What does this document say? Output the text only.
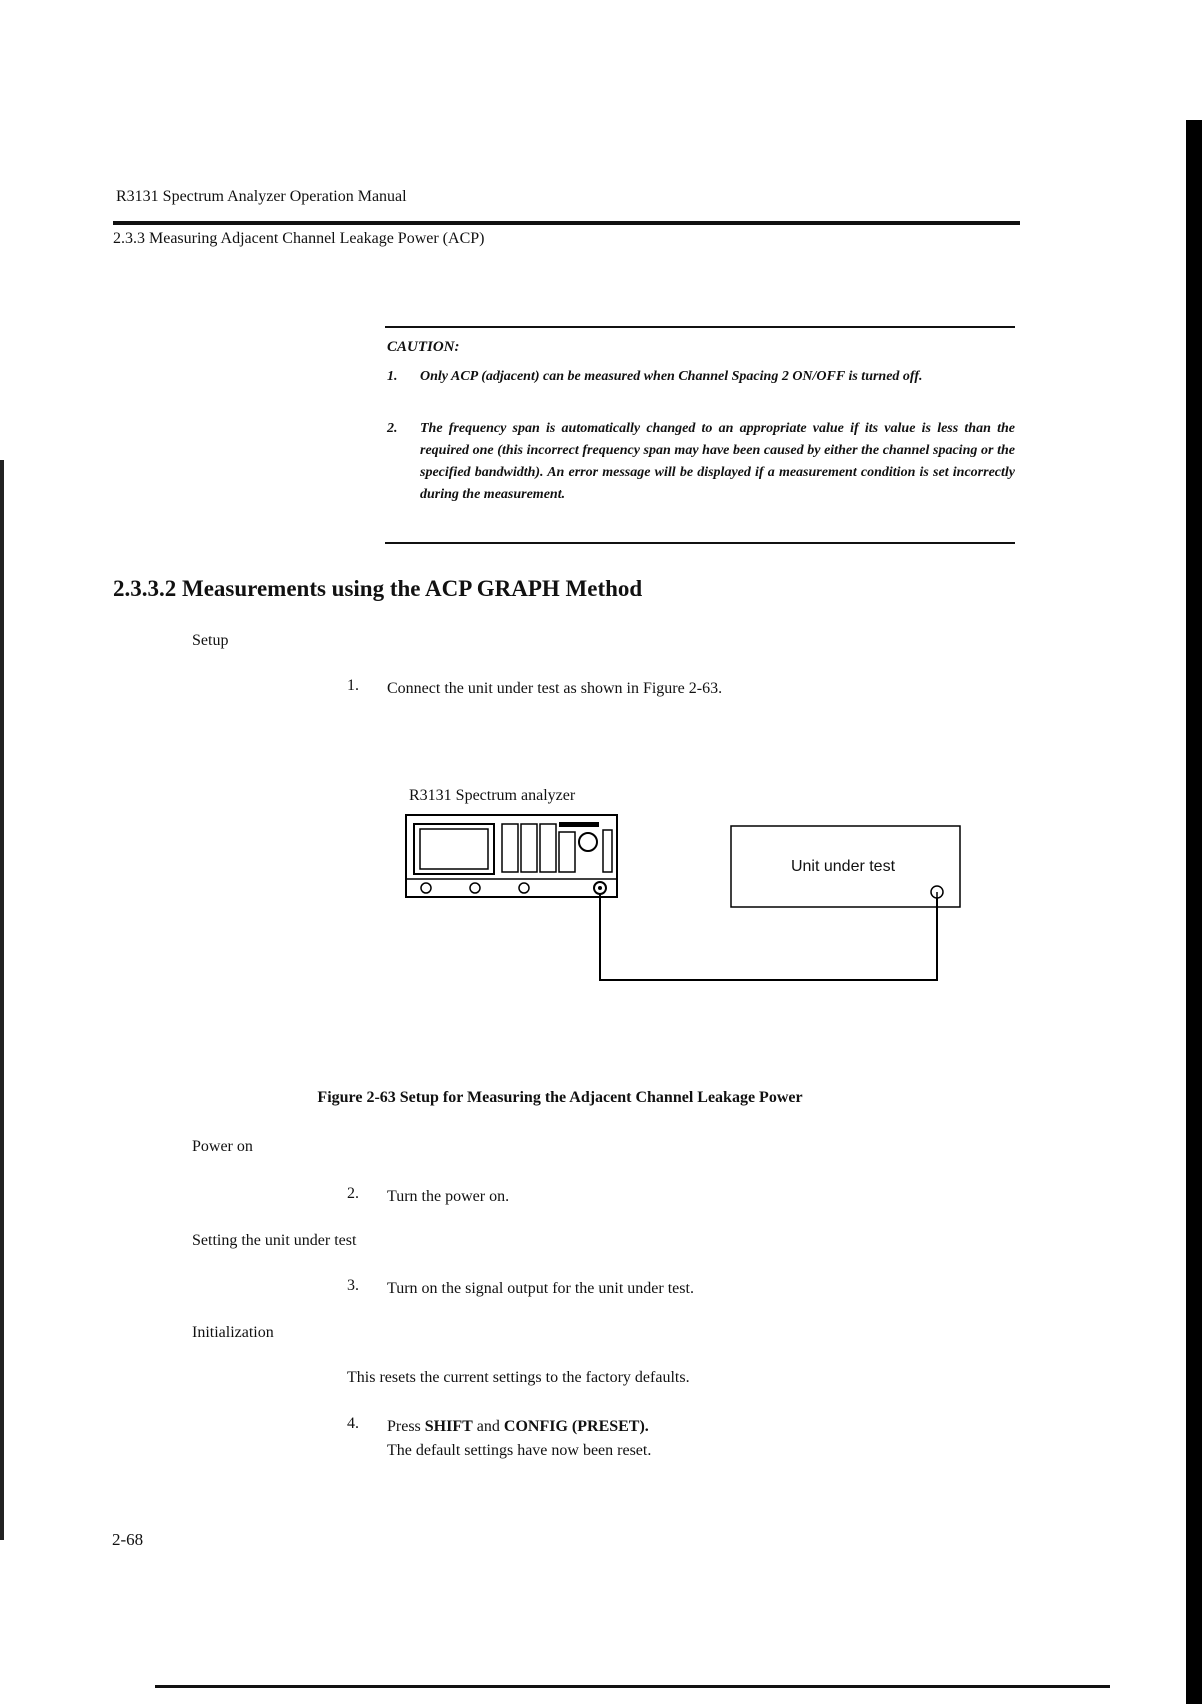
R3131 Spectrum Analyzer Operation Manual
2.3.3 Measuring Adjacent Channel Leakage Power (ACP)
CAUTION:
1. Only ACP (adjacent) can be measured when Channel Spacing 2 ON/OFF is turned off.
2. The frequency span is automatically changed to an appropriate value if its value is less than the required one (this incorrect frequency span may have been caused by either the channel spacing or the specified bandwidth). An error message will be displayed if a measurement condition is set incorrectly during the measurement.
2.3.3.2 Measurements using the ACP GRAPH Method
Setup
1. Connect the unit under test as shown in Figure 2-63.
R3131 Spectrum analyzer
Unit under test
Figure 2-63 Setup for Measuring the Adjacent Channel Leakage Power
Power on
2. Turn the power on.
Setting the unit under test
3. Turn on the signal output for the unit under test.
Initialization
This resets the current settings to the factory defaults.
4. Press SHIFT and CONFIG (PRESET).
The default settings have now been reset.
2-68
